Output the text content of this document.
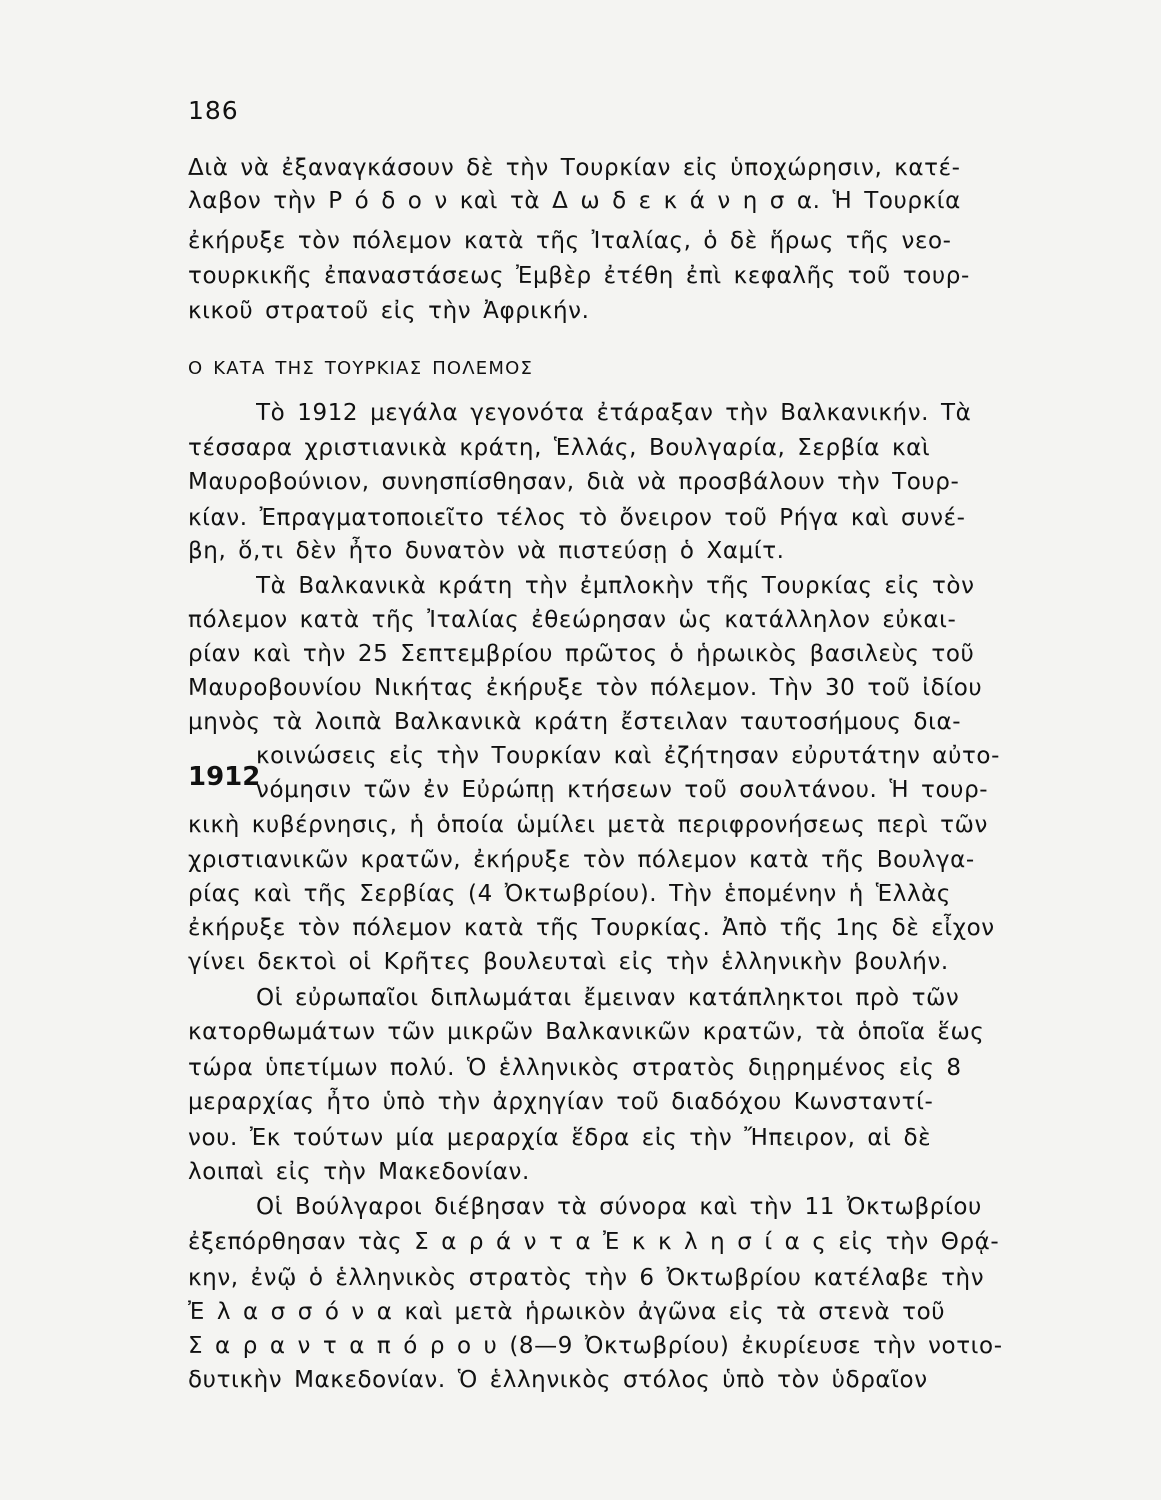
186
Διὰ νὰ ἐξαναγκάσουν δὲ τὴν Τουρκίαν εἰς ὑποχώρησιν, κατέ-
λαβον τὴν Ρ ό δ ο ν καὶ τὰ Δ ω δ ε κ ά ν η σ α. Ἡ Τουρκία
ἐκήρυξε τὸν πόλεμον κατὰ τῆς Ἰταλίας, ὁ δὲ ἥρως τῆς νεο-
τουρκικῆς ἐπαναστάσεως Ἐμβὲρ ἐτέθη ἐπὶ κεφαλῆς τοῦ τουρ-
κικοῦ στρατοῦ εἰς τὴν Ἀφρικήν.
Ο ΚΑΤΑ ΤΗΣ ΤΟΥΡΚΙΑΣ ΠΟΛΕΜΟΣ
1912
Τὸ 1912 μεγάλα γεγονότα ἐτάραξαν τὴν Βαλκανικήν. Τὰ
τέσσαρα χριστιανικὰ κράτη, Ἑλλάς, Βουλγαρία, Σερβία καὶ
Μαυροβούνιον, συνησπίσθησαν, διὰ νὰ προσβάλουν τὴν Τουρ-
κίαν. Ἐπραγματοποιεῖτο τέλος τὸ ὄνειρον τοῦ Ρήγα καὶ συνέ-
βη, ὅ,τι δὲν ἦτο δυνατὸν νὰ πιστεύσῃ ὁ Χαμίτ.
Τὰ Βαλκανικὰ κράτη τὴν ἐμπλοκὴν τῆς Τουρκίας εἰς τὸν
πόλεμον κατὰ τῆς Ἰταλίας ἐθεώρησαν ὡς κατάλληλον εὐκαι-
ρίαν καὶ τὴν 25 Σεπτεμβρίου πρῶτος ὁ ἡρωικὸς βασιλεὺς τοῦ
Μαυροβουνίου Νικήτας ἐκήρυξε τὸν πόλεμον. Τὴν 30 τοῦ ἰδίου
μηνὸς τὰ λοιπὰ Βαλκανικὰ κράτη ἔστειλαν ταυτοσήμους δια-
κοινώσεις εἰς τὴν Τουρκίαν καὶ ἐζήτησαν εὐρυτάτην αὐτο-
νόμησιν τῶν ἐν Εὐρώπῃ κτήσεων τοῦ σουλτάνου. Ἡ τουρ-
κικὴ κυβέρνησις, ἡ ὁποία ὡμίλει μετὰ περιφρονήσεως περὶ τῶν
χριστιανικῶν κρατῶν, ἐκήρυξε τὸν πόλεμον κατὰ τῆς Βουλγα-
ρίας καὶ τῆς Σερβίας (4 Ὀκτωβρίου). Τὴν ἑπομένην ἡ Ἑλλὰς
ἐκήρυξε τὸν πόλεμον κατὰ τῆς Τουρκίας. Ἀπὸ τῆς 1ης δὲ εἶχον
γίνει δεκτοὶ οἱ Κρῆτες βουλευταὶ εἰς τὴν ἑλληνικὴν βουλήν.
Οἱ εὐρωπαῖοι διπλωμάται ἔμειναν κατάπληκτοι πρὸ τῶν
κατορθωμάτων τῶν μικρῶν Βαλκανικῶν κρατῶν, τὰ ὁποῖα ἕως
τώρα ὑπετίμων πολύ. Ὁ ἑλληνικὸς στρατὸς διῃρημένος εἰς 8
μεραρχίας ἦτο ὑπὸ τὴν ἀρχηγίαν τοῦ διαδόχου Κωνσταντί-
νου. Ἐκ τούτων μία μεραρχία ἕδρα εἰς τὴν Ἤπειρον, αἱ δὲ
λοιπαὶ εἰς τὴν Μακεδονίαν.
Οἱ Βούλγαροι διέβησαν τὰ σύνορα καὶ τὴν 11 Ὀκτωβρίου
ἐξεπόρθησαν τὰς Σ α ρ ά ν τ α Ἐ κ κ λ η σ ί α ς εἰς τὴν Θρᾴ-
κην, ἐνῷ ὁ ἑλληνικὸς στρατὸς τὴν 6 Ὀκτωβρίου κατέλαβε τὴν
Ἐ λ α σ σ ό ν α καὶ μετὰ ἡρωικὸν ἀγῶνα εἰς τὰ στενὰ τοῦ
Σ α ρ α ν τ α π ό ρ ο υ (8—9 Ὀκτωβρίου) ἐκυρίευσε τὴν νοτιο-
δυτικὴν Μακεδονίαν. Ὁ ἑλληνικὸς στόλος ὑπὸ τὸν ὑδραῖον
